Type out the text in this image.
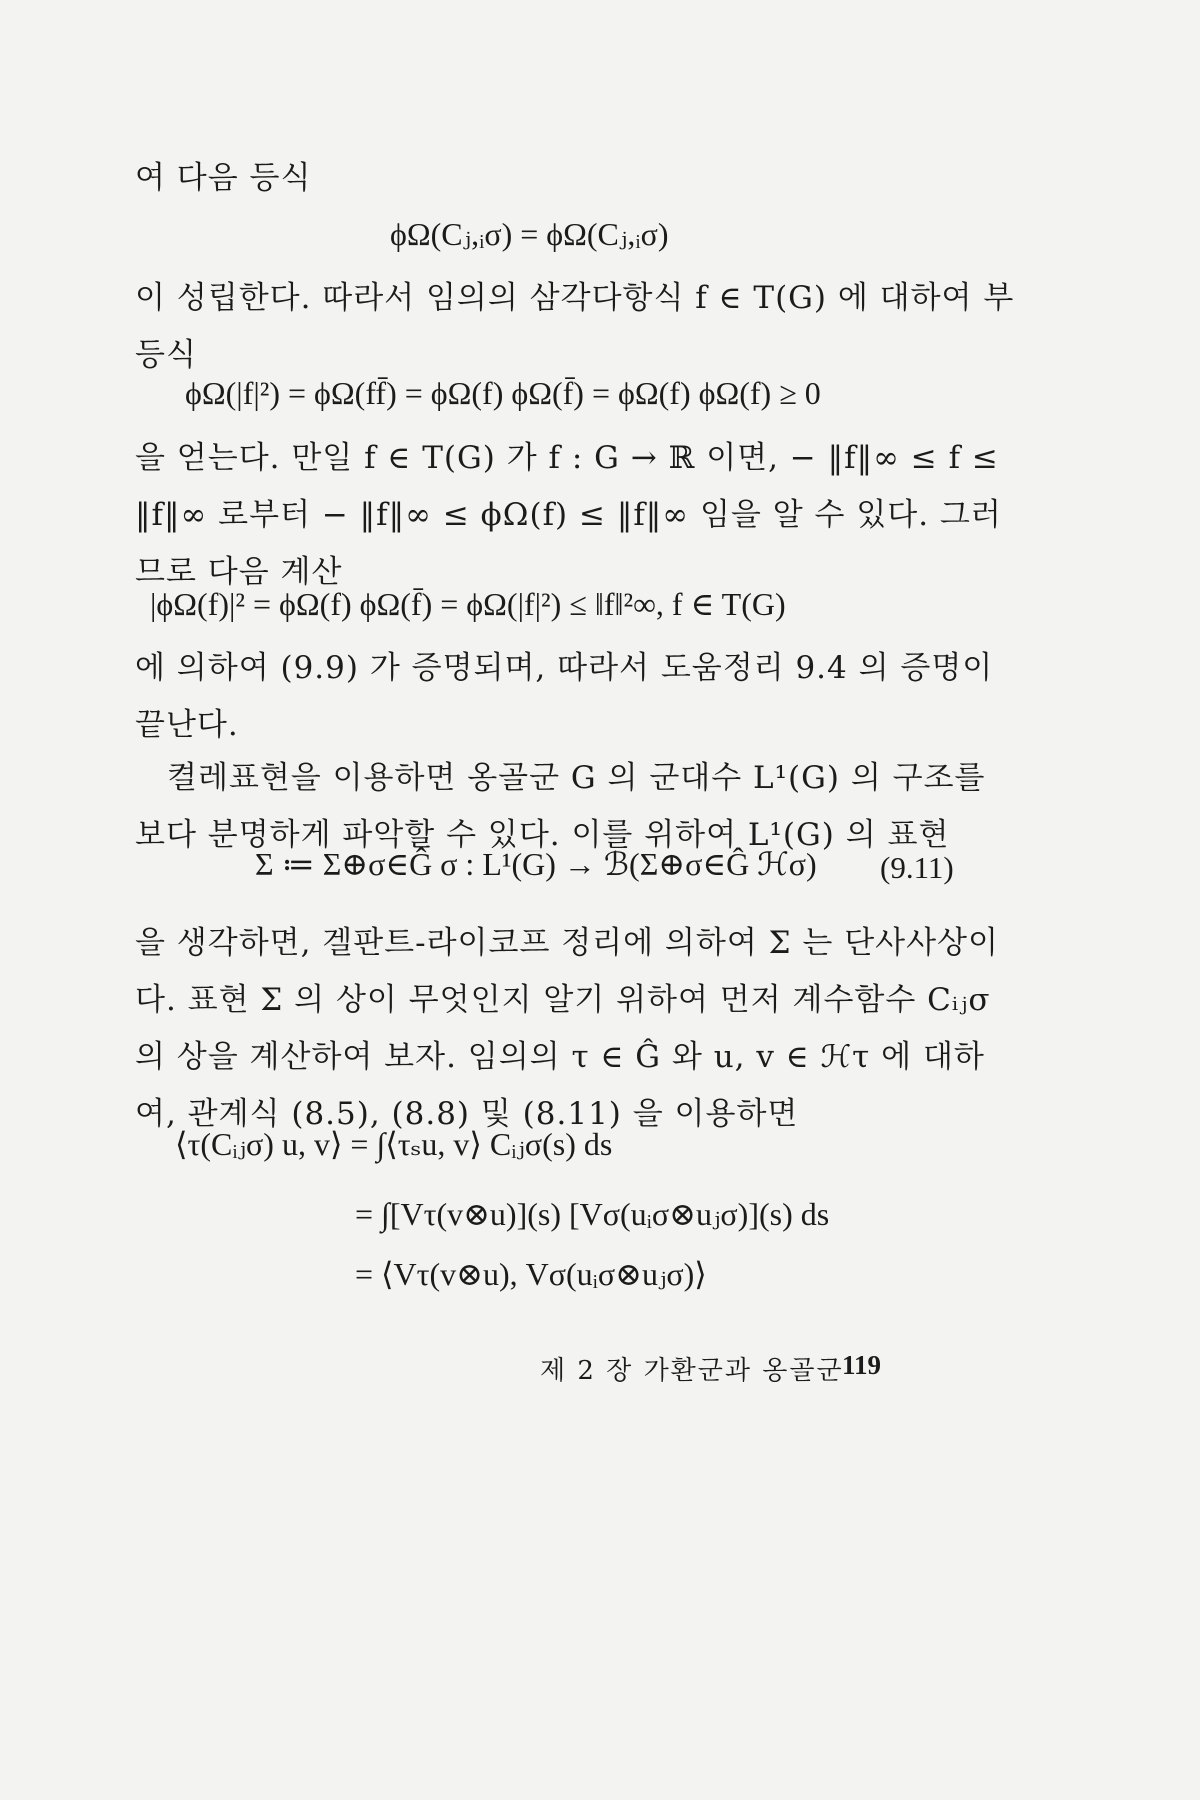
여 다음 등식
ϕΩ(Cⱼ,ᵢσ) = ϕΩ(Cⱼ,ᵢσ)
이 성립한다. 따라서 임의의 삼각다항식 f ∈ T(G) 에 대하여 부등식
ϕΩ(|f|²) = ϕΩ(ff̄) = ϕΩ(f) ϕΩ(f̄) = ϕΩ(f) ϕΩ(f) ≥ 0
을 얻는다. 만일 f ∈ T(G) 가 f : G → ℝ 이면, − ‖f‖∞ ≤ f ≤ ‖f‖∞ 로부터 − ‖f‖∞ ≤ ϕΩ(f) ≤ ‖f‖∞ 임을 알 수 있다. 그러므로 다음 계산
|ϕΩ(f)|² = ϕΩ(f) ϕΩ(f̄) = ϕΩ(|f|²) ≤ ‖f‖²∞, f ∈ T(G)
에 의하여 (9.9) 가 증명되며, 따라서 도움정리 9.4 의 증명이 끝난다.
켤레표현을 이용하면 옹골군 G 의 군대수 L¹(G) 의 구조를 보다 분명하게 파악할 수 있다. 이를 위하여 L¹(G) 의 표현
Σ ≔ Σ⊕σ∈Ĝ σ : L¹(G) → ℬ(Σ⊕σ∈Ĝ ℋσ) (9.11)
을 생각하면, 겔판트-라이코프 정리에 의하여 Σ 는 단사사상이다. 표현 Σ 의 상이 무엇인지 알기 위하여 먼저 계수함수 Cᵢⱼσ 의 상을 계산하여 보자. 임의의 τ ∈ Ĝ 와 u, v ∈ ℋτ 에 대하여, 관계식 (8.5), (8.8) 및 (8.11) 을 이용하면
⟨τ(Cᵢⱼσ) u, v⟩ = ∫⟨τₛu, v⟩ Cᵢⱼσ(s) ds
= ∫[Vτ(v⊗u)](s) [Vσ(uᵢσ⊗uⱼσ)](s) ds
= ⟨Vτ(v⊗u), Vσ(uᵢσ⊗uⱼσ)⟩
제 2 장 가환군과 옹골군
119
